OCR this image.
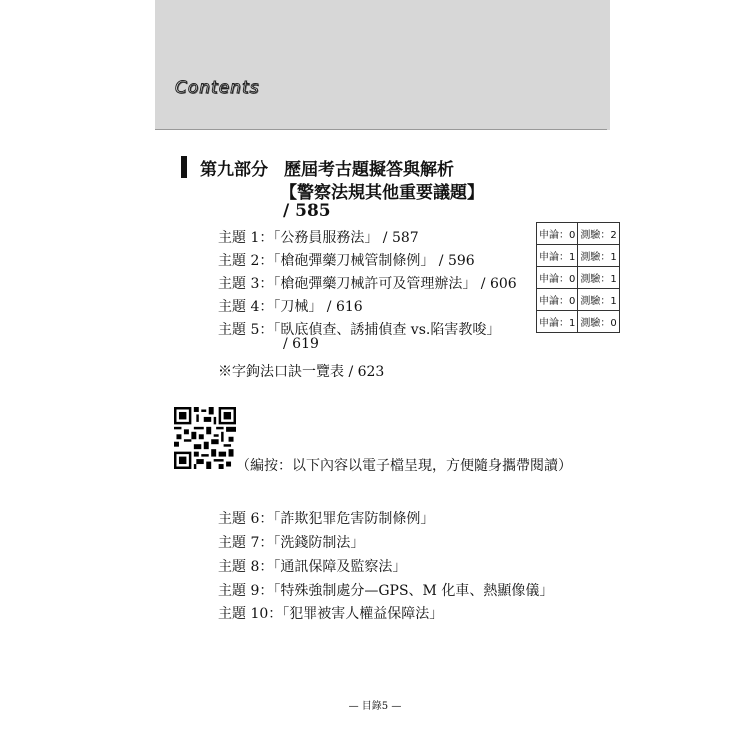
Contents
第九部分 歷屆考古題擬答與解析
【警察法規其他重要議題】
/ 585
主題 1：「公務員服務法」 / 587
主題 2：「槍砲彈藥刀械管制條例」 / 596
主題 3：「槍砲彈藥刀械許可及管理辦法」 / 606
主題 4：「刀械」 / 616
主題 5：「臥底偵查、誘捕偵查 vs.陷害教唆」
/ 619
※字鉤法口訣一覽表 / 623
申論：0	測驗：2
申論：1	測驗：1
申論：0	測驗：1
申論：0	測驗：1
申論：1	測驗：0
（編按：以下內容以電子檔呈現，方便隨身攜帶閱讀）
主題 6：「詐欺犯罪危害防制條例」
主題 7：「洗錢防制法」
主題 8：「通訊保障及監察法」
主題 9：「特殊強制處分—GPS、M 化車、熱顯像儀」
主題 10：「犯罪被害人權益保障法」
— 目錄5 —
